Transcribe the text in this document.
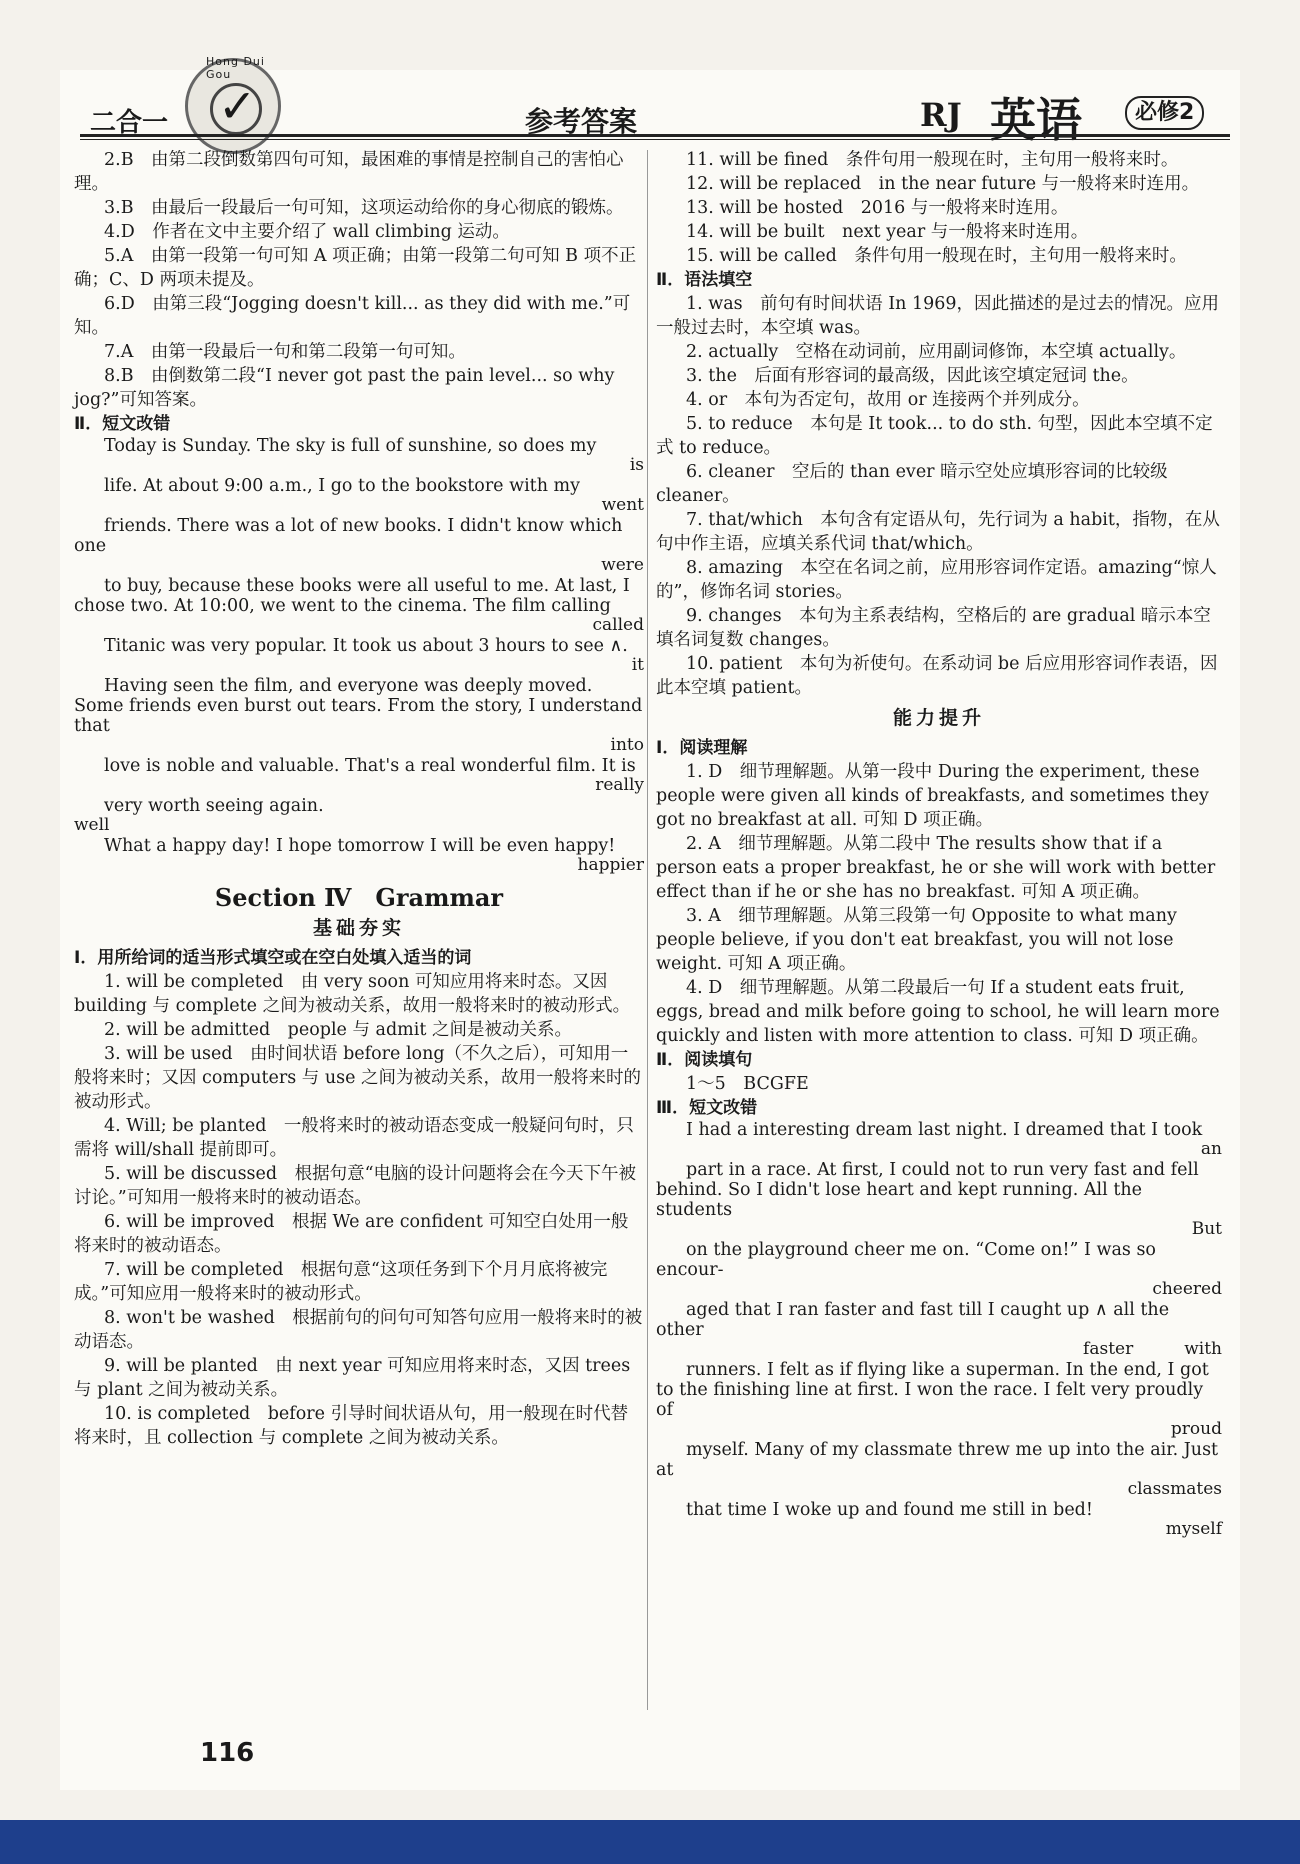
二合一
Hong Dui Gou
✓	参考答案	RJ 英语	必修2

2.B　由第二段倒数第四句可知，最困难的事情是控制自己的害怕心理。

3.B　由最后一段最后一句可知，这项运动给你的身心彻底的锻炼。

4.D　作者在文中主要介绍了 wall climbing 运动。

5.A　由第一段第一句可知 A 项正确；由第一段第二句可知 B 项不正确；C、D 两项未提及。

6.D　由第三段“Jogging doesn't kill... as they did with me.”可知。

7.A　由第一段最后一句和第二段第一句可知。

8.B　由倒数第二段“I never got past the pain level... so why jog?”可知答案。

Ⅱ．短文改错

Today is Sunday. The sky is full of sunshine, so does my

is

life. At about 9:00 a.m., I go to the bookstore with my

went

friends. There was a lot of new books. I didn't know which one

were

to buy, because these books were all useful to me. At last, I chose two. At 10:00, we went to the cinema. The film calling

called

Titanic was very popular. It took us about 3 hours to see ∧.

it

Having seen the film, and everyone was deeply moved. Some friends even burst out tears. From the story, I understand that

into

love is noble and valuable. That's a real wonderful film. It is

really

very worth seeing again.

well

What a happy day! I hope tomorrow I will be even happy!

happier

Section Ⅳ　Grammar

基础夯实

Ⅰ．用所给词的适当形式填空或在空白处填入适当的词

1. will be completed　由 very soon 可知应用将来时态。又因 building 与 complete 之间为被动关系，故用一般将来时的被动形式。

2. will be admitted　people 与 admit 之间是被动关系。

3. will be used　由时间状语 before long（不久之后），可知用一般将来时；又因 computers 与 use 之间为被动关系，故用一般将来时的被动形式。

4. Will; be planted　一般将来时的被动语态变成一般疑问句时，只需将 will/shall 提前即可。

5. will be discussed　根据句意“电脑的设计问题将会在今天下午被讨论。”可知用一般将来时的被动语态。

6. will be improved　根据 We are confident 可知空白处用一般将来时的被动语态。

7. will be completed　根据句意“这项任务到下个月月底将被完成。”可知应用一般将来时的被动形式。

8. won't be washed　根据前句的问句可知答句应用一般将来时的被动语态。

9. will be planted　由 next year 可知应用将来时态，又因 trees 与 plant 之间为被动关系。

10. is completed　before 引导时间状语从句，用一般现在时代替将来时，且 collection 与 complete 之间为被动关系。

11. will be fined　条件句用一般现在时，主句用一般将来时。

12. will be replaced　in the near future 与一般将来时连用。

13. will be hosted　2016 与一般将来时连用。

14. will be built　next year 与一般将来时连用。

15. will be called　条件句用一般现在时，主句用一般将来时。

Ⅱ．语法填空

1. was　前句有时间状语 In 1969，因此描述的是过去的情况。应用一般过去时，本空填 was。

2. actually　空格在动词前，应用副词修饰，本空填 actually。

3. the　后面有形容词的最高级，因此该空填定冠词 the。

4. or　本句为否定句，故用 or 连接两个并列成分。

5. to reduce　本句是 It took... to do sth. 句型，因此本空填不定式 to reduce。

6. cleaner　空后的 than ever 暗示空处应填形容词的比较级 cleaner。

7. that/which　本句含有定语从句，先行词为 a habit，指物，在从句中作主语，应填关系代词 that/which。

8. amazing　本空在名词之前，应用形容词作定语。amazing“惊人的”，修饰名词 stories。

9. changes　本句为主系表结构，空格后的 are gradual 暗示本空填名词复数 changes。

10. patient　本句为祈使句。在系动词 be 后应用形容词作表语，因此本空填 patient。

能力提升

Ⅰ．阅读理解

1. D　细节理解题。从第一段中 During the experiment, these people were given all kinds of breakfasts, and sometimes they got no breakfast at all. 可知 D 项正确。

2. A　细节理解题。从第二段中 The results show that if a person eats a proper breakfast, he or she will work with better effect than if he or she has no breakfast. 可知 A 项正确。

3. A　细节理解题。从第三段第一句 Opposite to what many people believe, if you don't eat breakfast, you will not lose weight. 可知 A 项正确。

4. D　细节理解题。从第二段最后一句 If a student eats fruit, eggs, bread and milk before going to school, he will learn more quickly and listen with more attention to class. 可知 D 项正确。

Ⅱ．阅读填句

1～5　BCGFE

Ⅲ．短文改错

I had a interesting dream last night. I dreamed that I took

an

part in a race. At first, I could not to run very fast and fell behind. So I didn't lose heart and kept running. All the students

But

on the playground cheer me on. “Come on!” I was so encour-

cheered

aged that I ran faster and fast till I caught up ∧ all the other

faster　　　with

runners. I felt as if flying like a superman. In the end, I got to the finishing line at first. I won the race. I felt very proudly of

proud

myself. Many of my classmate threw me up into the air. Just at

classmates

that time I woke up and found me still in bed!

myself

116
